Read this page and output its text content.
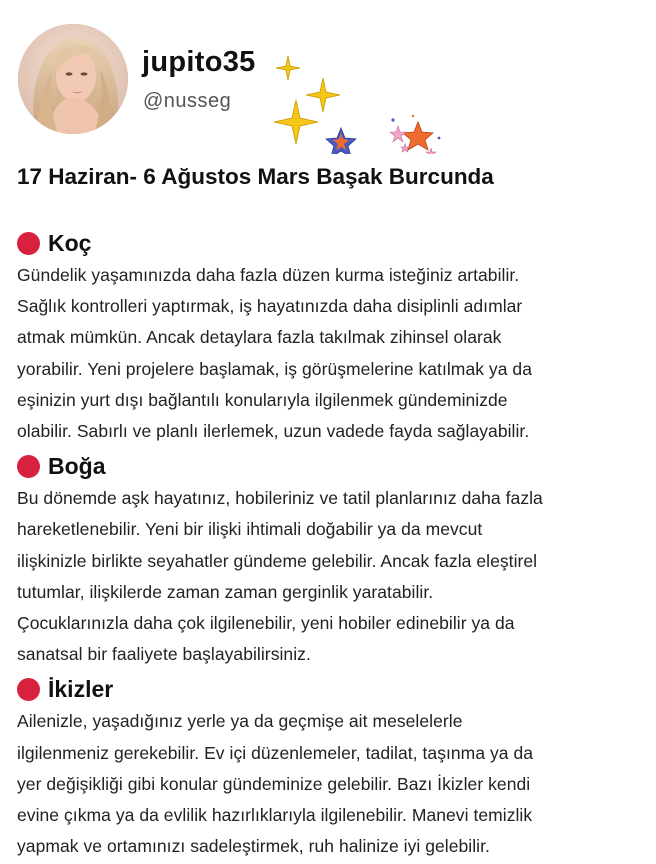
jupito35
@nusseg
17 Haziran- 6 Ağustos Mars Başak Burcunda
Koç

Gündelik yaşamınızda daha fazla düzen kurma isteğiniz artabilir.
Sağlık kontrolleri yaptırmak, iş hayatınızda daha disiplinli adımlar
atmak mümkün. Ancak detaylara fazla takılmak zihinsel olarak
yorabilir. Yeni projelere başlamak, iş görüşmelerine katılmak ya da
eşinizin yurt dışı bağlantılı konularıyla ilgilenmek gündeminizde
olabilir. Sabırlı ve planlı ilerlemek, uzun vadede fayda sağlayabilir.

Boğa

Bu dönemde aşk hayatınız, hobileriniz ve tatil planlarınız daha fazla
hareketlenebilir. Yeni bir ilişki ihtimali doğabilir ya da mevcut
ilişkinizle birlikte seyahatler gündeme gelebilir. Ancak fazla eleştirel
tutumlar, ilişkilerde zaman zaman gerginlik yaratabilir.
Çocuklarınızla daha çok ilgilenebilir, yeni hobiler edinebilir ya da
sanatsal bir faaliyete başlayabilirsiniz.

İkizler

Ailenizle, yaşadığınız yerle ya da geçmişe ait meselelerle
ilgilenmeniz gerekebilir. Ev içi düzenlemeler, tadilat, taşınma ya da
yer değişikliği gibi konular gündeminize gelebilir. Bazı İkizler kendi
evine çıkma ya da evlilik hazırlıklarıyla ilgilenebilir. Manevi temizlik
yapmak ve ortamınızı sadeleştirmek, ruh halinize iyi gelebilir.
